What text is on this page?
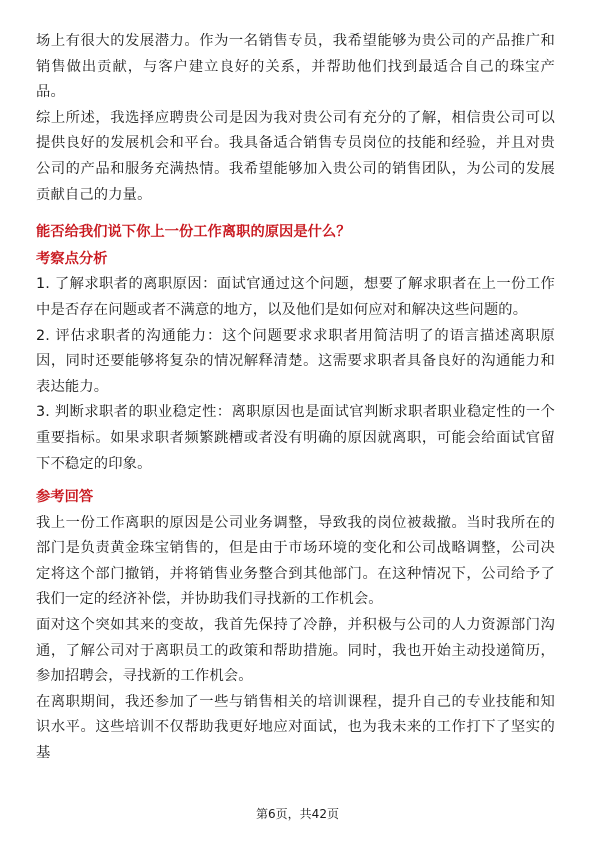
场上有很大的发展潜力。作为一名销售专员，我希望能够为贵公司的产品推广和销售做出贡献，与客户建立良好的关系，并帮助他们找到最适合自己的珠宝产品。

综上所述，我选择应聘贵公司是因为我对贵公司有充分的了解，相信贵公司可以提供良好的发展机会和平台。我具备适合销售专员岗位的技能和经验，并且对贵公司的产品和服务充满热情。我希望能够加入贵公司的销售团队，为公司的发展贡献自己的力量。

能否给我们说下你上一份工作离职的原因是什么？

考察点分析

1. 了解求职者的离职原因：面试官通过这个问题，想要了解求职者在上一份工作中是否存在问题或者不满意的地方，以及他们是如何应对和解决这些问题的。

2. 评估求职者的沟通能力：这个问题要求求职者用简洁明了的语言描述离职原因，同时还要能够将复杂的情况解释清楚。这需要求职者具备良好的沟通能力和表达能力。

3. 判断求职者的职业稳定性：离职原因也是面试官判断求职者职业稳定性的一个重要指标。如果求职者频繁跳槽或者没有明确的原因就离职，可能会给面试官留下不稳定的印象。

参考回答

我上一份工作离职的原因是公司业务调整，导致我的岗位被裁撤。当时我所在的部门是负责黄金珠宝销售的，但是由于市场环境的变化和公司战略调整，公司决定将这个部门撤销，并将销售业务整合到其他部门。在这种情况下，公司给予了我们一定的经济补偿，并协助我们寻找新的工作机会。

面对这个突如其来的变故，我首先保持了冷静，并积极与公司的人力资源部门沟通，了解公司对于离职员工的政策和帮助措施。同时，我也开始主动投递简历，参加招聘会，寻找新的工作机会。

在离职期间，我还参加了一些与销售相关的培训课程，提升自己的专业技能和知识水平。这些培训不仅帮助我更好地应对面试，也为我未来的工作打下了坚实的基

第6页，共42页
